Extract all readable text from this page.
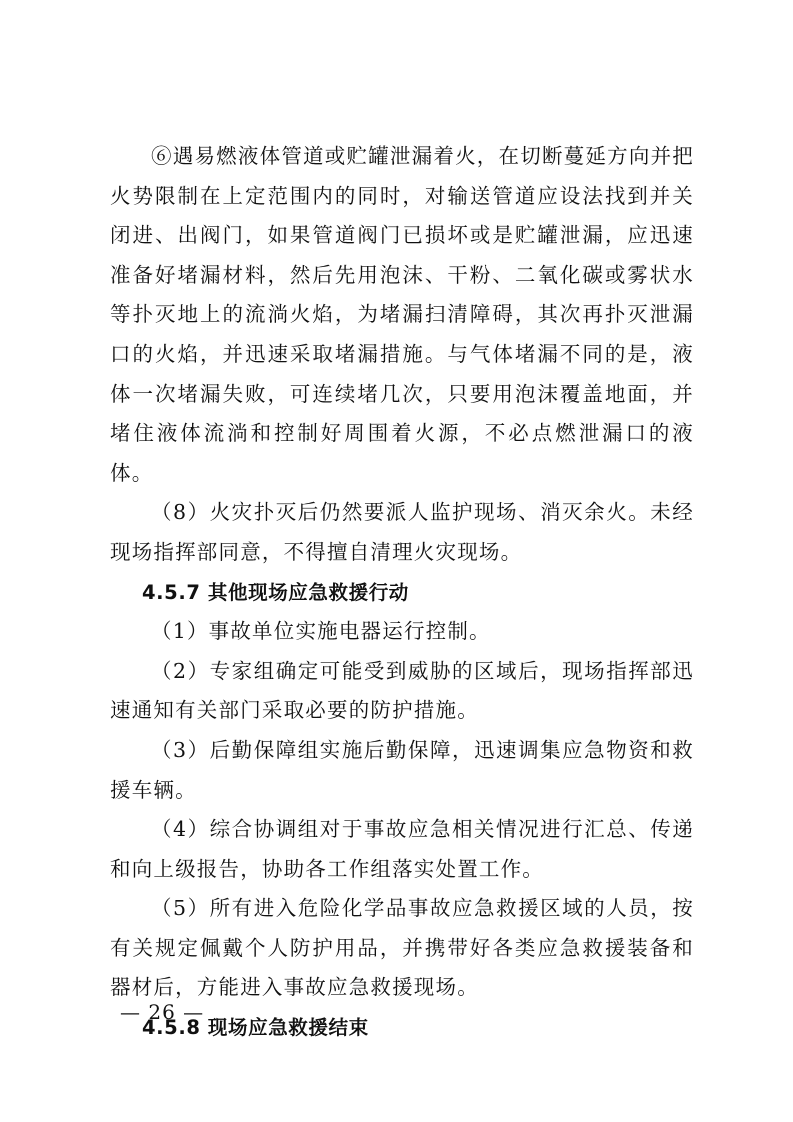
⑥遇易燃液体管道或贮罐泄漏着火，在切断蔓延方向并把火势限制在上定范围内的同时，对输送管道应设法找到并关闭进、出阀门，如果管道阀门已损坏或是贮罐泄漏，应迅速准备好堵漏材料，然后先用泡沫、干粉、二氧化碳或雾状水等扑灭地上的流淌火焰，为堵漏扫清障碍，其次再扑灭泄漏口的火焰，并迅速采取堵漏措施。与气体堵漏不同的是，液体一次堵漏失败，可连续堵几次，只要用泡沫覆盖地面，并堵住液体流淌和控制好周围着火源，不必点燃泄漏口的液体。

（8）火灾扑灭后仍然要派人监护现场、消灭余火。未经现场指挥部同意，不得擅自清理火灾现场。

4.5.7 其他现场应急救援行动

（1）事故单位实施电器运行控制。

（2）专家组确定可能受到威胁的区域后，现场指挥部迅速通知有关部门采取必要的防护措施。

（3）后勤保障组实施后勤保障，迅速调集应急物资和救援车辆。

（4）综合协调组对于事故应急相关情况进行汇总、传递和向上级报告，协助各工作组落实处置工作。

（5）所有进入危险化学品事故应急救援区域的人员，按有关规定佩戴个人防护用品，并携带好各类应急救援装备和器材后，方能进入事故应急救援现场。

4.5.8 现场应急救援结束

— 26 —
